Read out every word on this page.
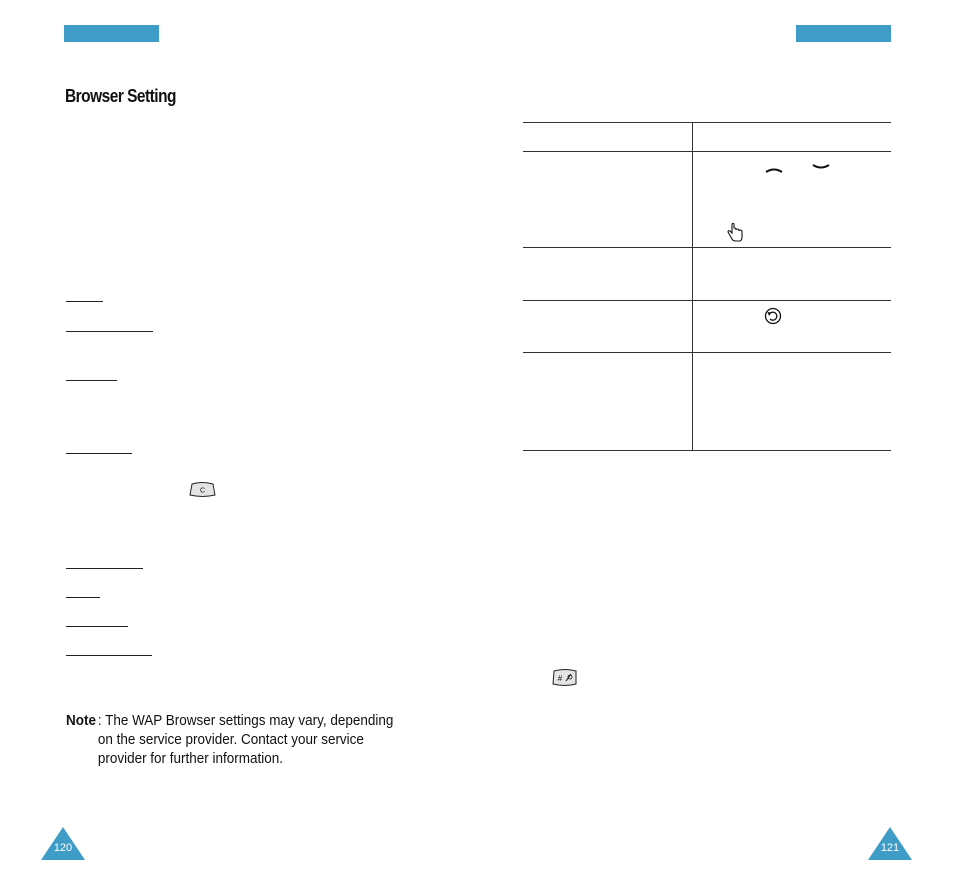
Browser Setting
C
Note : The WAP Browser settings may vary, depending on the service provider. Contact your service provider for further information.
120
#
121
